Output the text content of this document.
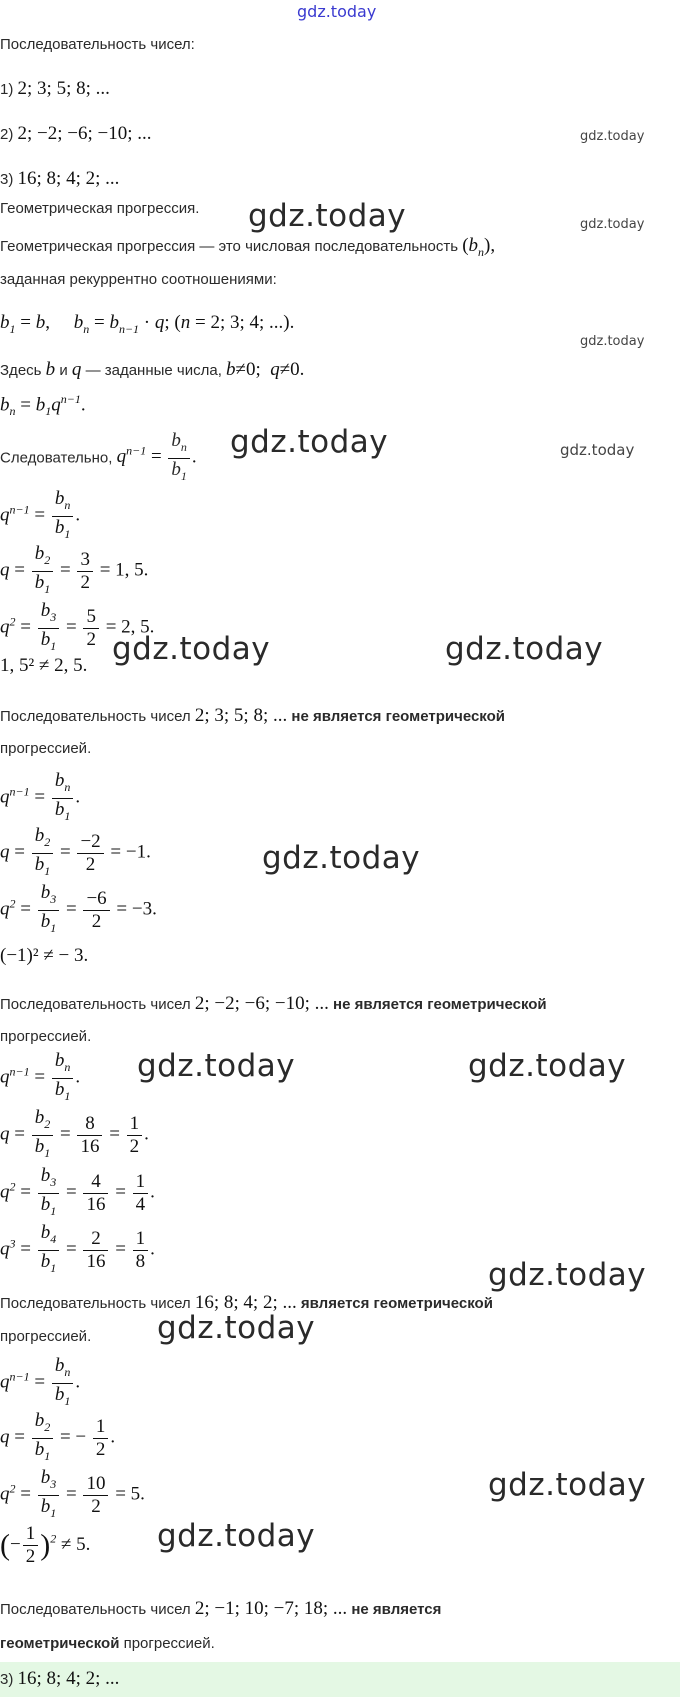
gdz.today
Последовательность чисел:
1) 2; 3; 5; 8; ...
2) 2; −2; −6; −10; ...	gdz.today
3) 16; 8; 4; 2; ...
Геометрическая прогрессия. gdz.today	gdz.today
Геометрическая прогрессия — это числовая последовательность $(b_n)$,
заданная рекуррентно соотношениями:
$b_1 = b$,     $b_n = b_{n-1} \cdot q$; (n = 2; 3; 4; ...).
gdz.today
Здесь b и q — заданные числа, b≠0;  q≠0.
$b_n = b_1q^{n-1}$.
Следовательно, $q^{n-1} = \frac{b_n}{b_1}$ . gdz.today	gdz.today
$q^{n-1} = \frac{b_n}{b_1}$ .
$q = \frac{b_2}{b_1} = \frac{3}{2} = 1$, 5.
$q^2 = \frac{b_3}{b_1} = \frac{5}{2} = 2$, 5.
1, 5² ≠ 2, 5. gdz.today	gdz.today
Последовательность чисел 2; 3; 5; 8; ... не является геометрической
прогрессией.
$q^{n-1} = \frac{b_n}{b_1}$ .
$q = \frac{b_2}{b_1} = \frac{-2}{2} = -1$.	gdz.today
$q^2 = \frac{b_3}{b_1} = \frac{-6}{2} = -3$.
(−1)² ≠ − 3.
Последовательность чисел 2; −2; −6; −10; ... не является геометрической
прогрессией.
$q^{n-1} = \frac{b_n}{b_1}$ . gdz.today	gdz.today
$q = \frac{b_2}{b_1} = \frac{8}{16} = \frac{1}{2}$ .
$q^2 = \frac{b_3}{b_1} = \frac{4}{16} = \frac{1}{4}$ .
$q^3 = \frac{b_4}{b_1} = \frac{2}{16} = \frac{1}{8}$ .
gdz.today
Последовательность чисел 16; 8; 4; 2; ... является геометрической
прогрессией. gdz.today
$q^{n-1} = \frac{b_n}{b_1}$ .
$q = \frac{b_2}{b_1}$ = − $\frac{1}{2}$ .
$q^2 = \frac{b_3}{b_1} = \frac{10}{2} = 5$.	gdz.today
(− $\frac{1}{2} )^2 \ne 5$. gdz.today
Последовательность чисел 2; −1; 10; −7; 18; ... не является
геометрической прогрессией.
3) 16; 8; 4; 2; ...
